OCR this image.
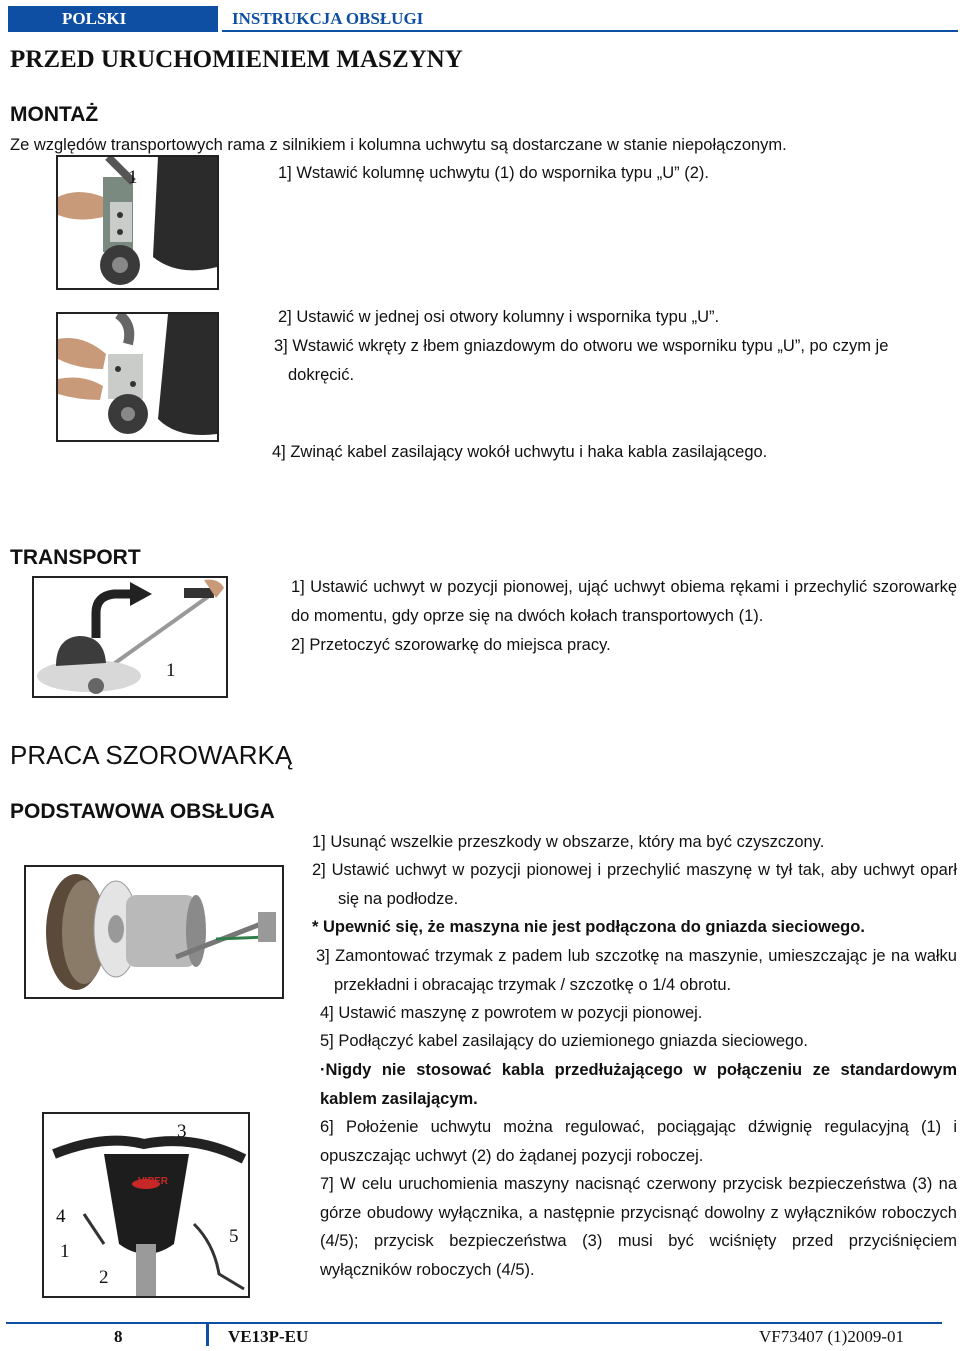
POLSKI	INSTRUKCJA OBSŁUGI
PRZED URUCHOMIENIEM MASZYNY
MONTAŻ
Ze względów transportowych rama z silnikiem i kolumna uchwytu są dostarczane w stanie niepołączonym.
1	1] Wstawić kolumnę uchwytu (1) do wspornika typu „U” (2).
2] Ustawić w jednej osi otwory kolumny i wspornika typu „U”.

3] Wstawić wkręty z łbem gniazdowym do otworu we wsporniku typu „U”, po czym je dokręcić.

4] Zwinąć kabel zasilający wokół uchwytu i haka kabla zasilającego.
TRANSPORT
1
1] Ustawić uchwyt w pozycji pionowej, ująć uchwyt obiema rękami i przechylić szorowarkę do momentu, gdy oprze się na dwóch kołach transportowych (1).
2] Przetoczyć szorowarkę do miejsca pracy.
PRACA SZOROWARKĄ
PODSTAWOWA OBSŁUGA
VIPER
3
4
5
1
2
1] Usunąć wszelkie przeszkody w obszarze, który ma być czyszczony.

2] Ustawić uchwyt w pozycji pionowej i przechylić maszynę w tył tak, aby uchwyt oparł się na podłodze.

* Upewnić się, że maszyna nie jest podłączona do gniazda sieciowego.

3] Zamontować trzymak z padem lub szczotkę na maszynie, umieszczając je na wałku przekładni i obracając trzymak / szczotkę o 1/4 obrotu.

4] Ustawić maszynę z powrotem w pozycji pionowej.
5] Podłączyć kabel zasilający do uziemionego gniazda sieciowego.
·Nigdy nie stosować kabla przedłużającego w połączeniu ze standardowym kablem zasilającym.
6] Położenie uchwytu można regulować, pociągając dźwignię regulacyjną (1) i opuszczając uchwyt (2) do żądanej pozycji roboczej.
7] W celu uruchomienia maszyny nacisnąć czerwony przycisk bezpieczeństwa (3) na górze obudowy wyłącznika, a następnie przycisnąć dowolny z wyłączników roboczych (4/5); przycisk bezpieczeństwa (3) musi być wciśnięty przed przyciśnięciem wyłączników roboczych (4/5).
8	VE13P-EU	VF73407 (1)2009-01
